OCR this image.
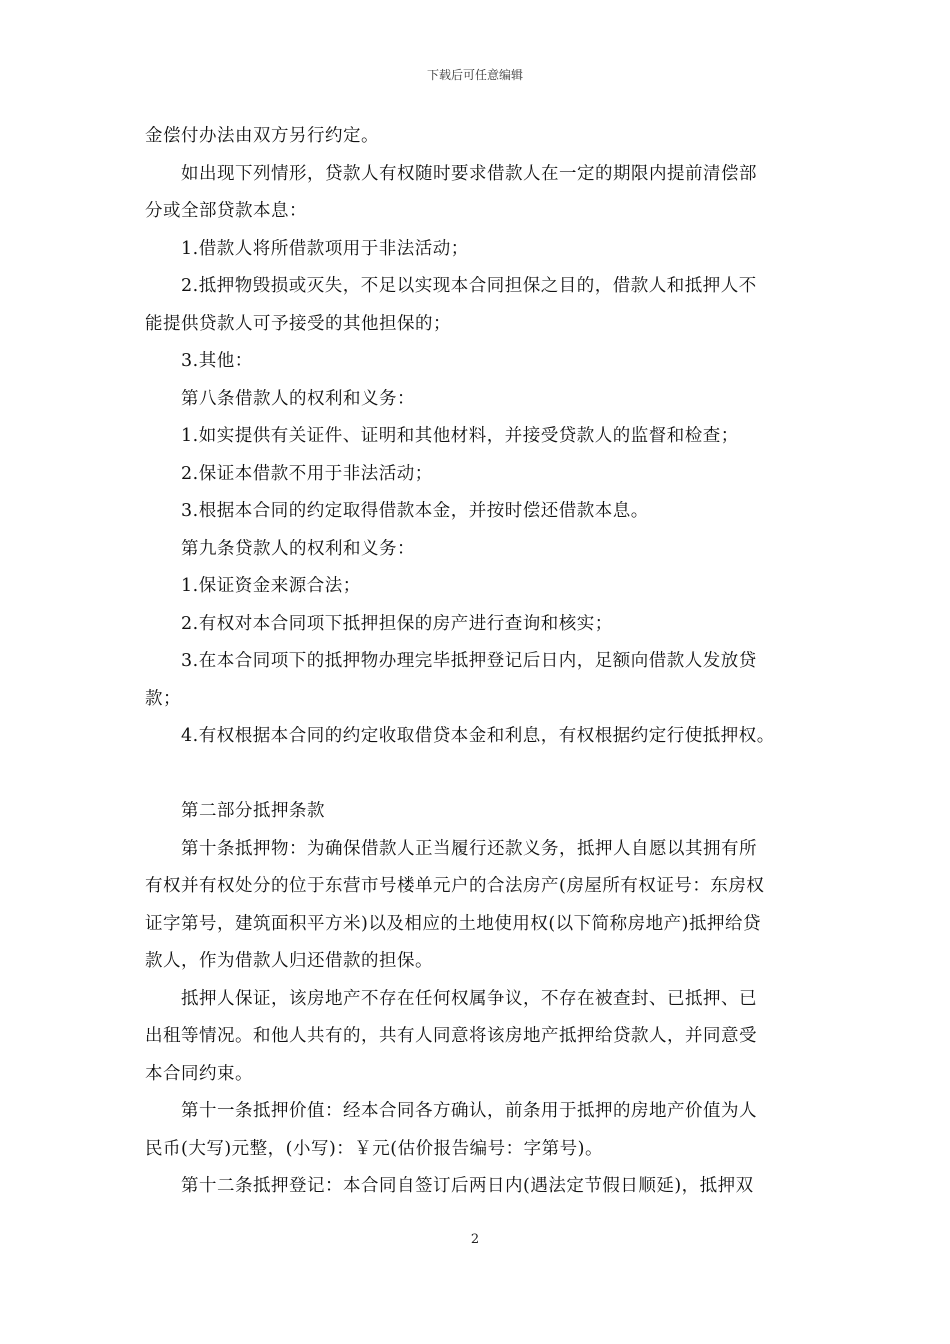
下载后可任意编辑
金偿付办法由双方另行约定。
如出现下列情形，贷款人有权随时要求借款人在一定的期限内提前清偿部
分或全部贷款本息：
1.借款人将所借款项用于非法活动；
2.抵押物毁损或灭失，不足以实现本合同担保之目的，借款人和抵押人不
能提供贷款人可予接受的其他担保的；
3.其他：
第八条借款人的权利和义务：
1.如实提供有关证件、证明和其他材料，并接受贷款人的监督和检查；
2.保证本借款不用于非法活动；
3.根据本合同的约定取得借款本金，并按时偿还借款本息。
第九条贷款人的权利和义务：
1.保证资金来源合法；
2.有权对本合同项下抵押担保的房产进行查询和核实；
3.在本合同项下的抵押物办理完毕抵押登记后日内，足额向借款人发放贷
款；
4.有权根据本合同的约定收取借贷本金和利息，有权根据约定行使抵押权。
第二部分抵押条款
第十条抵押物：为确保借款人正当履行还款义务，抵押人自愿以其拥有所
有权并有权处分的位于东营市号楼单元户的合法房产(房屋所有权证号：东房权
证字第号，建筑面积平方米)以及相应的土地使用权(以下简称房地产)抵押给贷
款人，作为借款人归还借款的担保。
抵押人保证，该房地产不存在任何权属争议，不存在被查封、已抵押、已
出租等情况。和他人共有的，共有人同意将该房地产抵押给贷款人，并同意受
本合同约束。
第十一条抵押价值：经本合同各方确认，前条用于抵押的房地产价值为人
民币(大写)元整，(小写)：￥元(估价报告编号：字第号)。
第十二条抵押登记：本合同自签订后两日内(遇法定节假日顺延)，抵押双
2
